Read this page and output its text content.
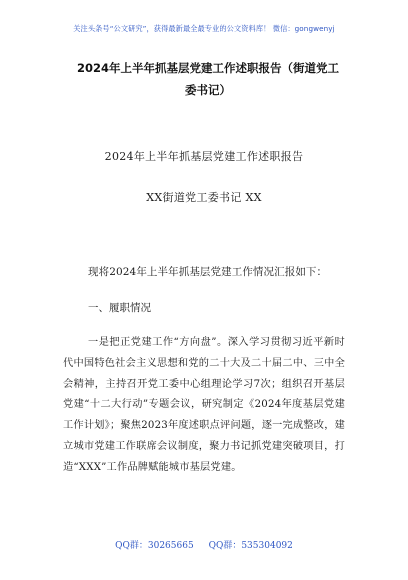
关注头条号“公文研究”，获得最新最全最专业的公文资料库！ 微信：gongwenyj
2024年上半年抓基层党建工作述职报告（街道党工委书记）
2024年上半年抓基层党建工作述职报告
XX街道党工委书记 XX
现将2024年上半年抓基层党建工作情况汇报如下：
一、履职情况
一是把正党建工作“方向盘”。深入学习贯彻习近平新时代中国特色社会主义思想和党的二十大及二十届二中、三中全会精神，主持召开党工委中心组理论学习7次；组织召开基层党建“十二大行动”专题会议，研究制定《2024年度基层党建工作计划》；聚焦2023年度述职点评问题，逐一完成整改，建立城市党建工作联席会议制度，聚力书记抓党建突破项目，打造“XXX”工作品牌赋能城市基层党建。
QQ群：30265665 QQ群：535304092
